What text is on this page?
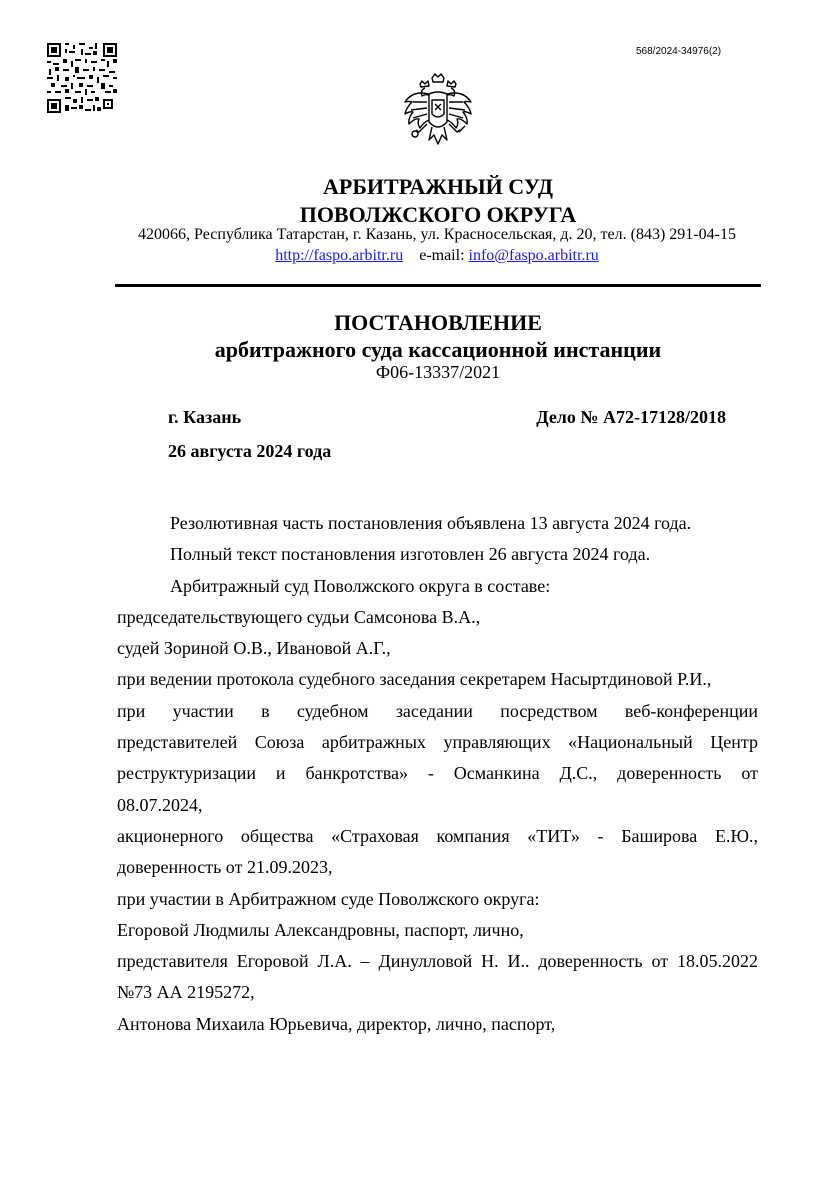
568/2024-34976(2)
АРБИТРАЖНЫЙ СУД
ПОВОЛЖСКОГО ОКРУГА
420066, Республика Татарстан, г. Казань, ул. Красносельская, д. 20, тел. (843) 291-04-15
http://faspo.arbitr.ru e-mail: info@faspo.arbitr.ru
ПОСТАНОВЛЕНИЕ
арбитражного суда кассационной инстанции
Ф06-13337/2021
г. Казань	Дело № А72-17128/2018
26 августа 2024 года
Резолютивная часть постановления объявлена 13 августа 2024 года.
Полный текст постановления изготовлен 26 августа 2024 года.
Арбитражный суд Поволжского округа в составе:
председательствующего судьи Самсонова В.А.,
судей Зориной О.В., Ивановой А.Г.,
при ведении протокола судебного заседания секретарем Насыртдиновой Р.И.,
при участии в судебном заседании посредством веб-конференции
представителей Союза арбитражных управляющих «Национальный Центр
реструктуризации и банкротства» - Османкина Д.С., доверенность от
08.07.2024,
акционерного общества «Страховая компания «ТИТ» - Баширова Е.Ю.,
доверенность от 21.09.2023,
при участии в Арбитражном суде Поволжского округа:
Егоровой Людмилы Александровны, паспорт, лично,
представителя Егоровой Л.А. – Динулловой Н. И.. доверенность от 18.05.2022
№73 АА 2195272,
Антонова Михаила Юрьевича, директор, лично, паспорт,
